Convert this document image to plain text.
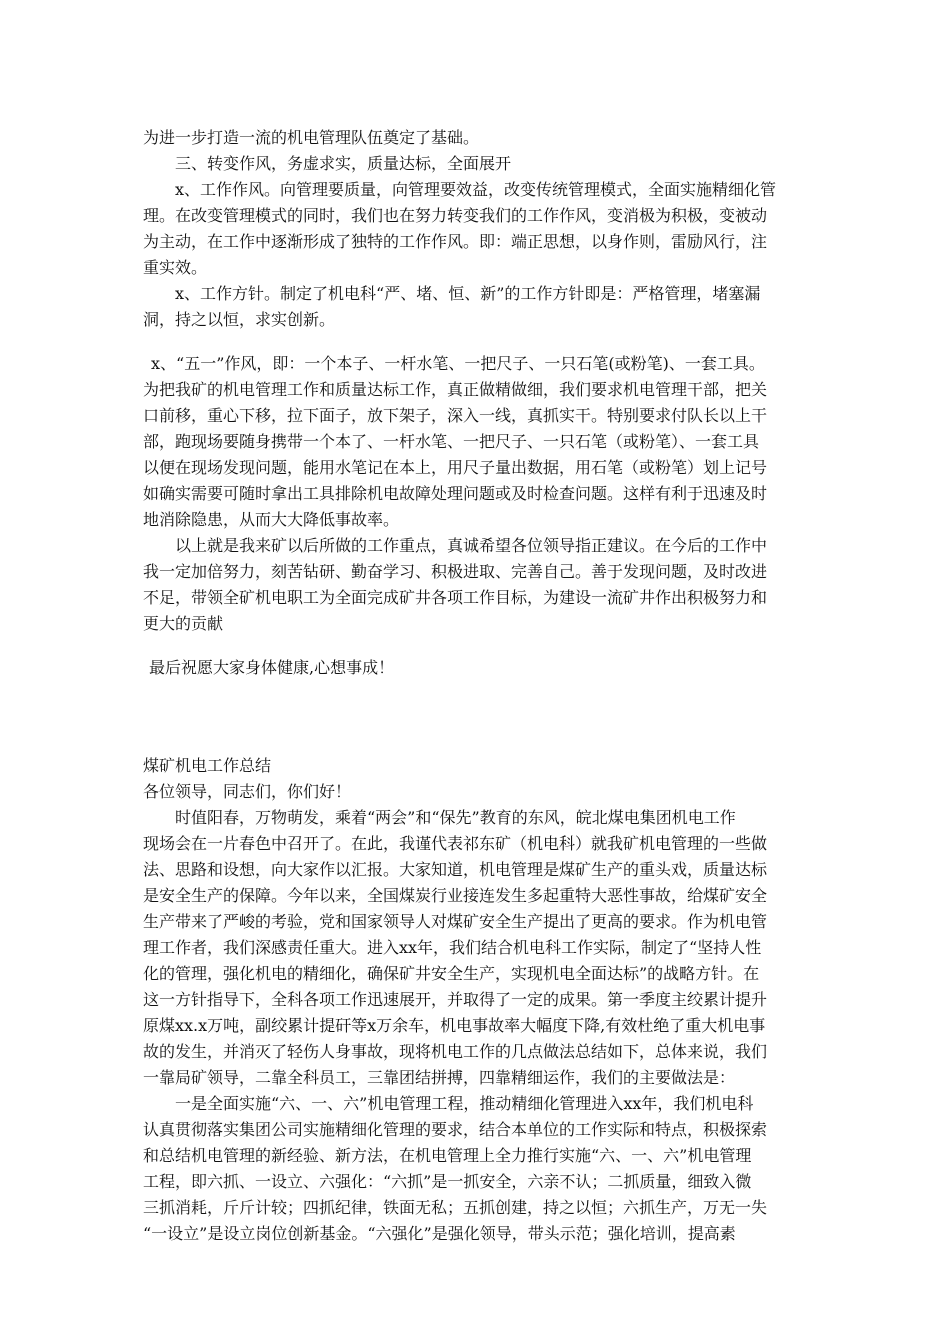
为进一步打造一流的机电管理队伍奠定了基础。
三、转变作风，务虚求实，质量达标，全面展开
x、工作作风。向管理要质量，向管理要效益，改变传统管理模式，全面实施精细化管
理。在改变管理模式的同时，我们也在努力转变我们的工作作风，变消极为积极，变被动
为主动，在工作中逐渐形成了独特的工作作风。即：端正思想，以身作则，雷励风行，注
重实效。
x、工作方针。制定了机电科“严、堵、恒、新”的工作方针即是：严格管理，堵塞漏
洞，持之以恒，求实创新。
x、“五一”作风，即：一个本子、一杆水笔、一把尺子、一只石笔(或粉笔)、一套工具。
为把我矿的机电管理工作和质量达标工作，真正做精做细，我们要求机电管理干部，把关
口前移，重心下移，拉下面子，放下架子，深入一线，真抓实干。特别要求付队长以上干
部，跑现场要随身携带一个本了、一杆水笔、一把尺子、一只石笔（或粉笔）、一套工具
以便在现场发现问题，能用水笔记在本上，用尺子量出数据，用石笔（或粉笔）划上记号
如确实需要可随时拿出工具排除机电故障处理问题或及时检查问题。这样有利于迅速及时
地消除隐患，从而大大降低事故率。
以上就是我来矿以后所做的工作重点，真诚希望各位领导指正建议。在今后的工作中
我一定加倍努力，刻苦钻研、勤奋学习、积极进取、完善自己。善于发现问题，及时改进
不足，带领全矿机电职工为全面完成矿井各项工作目标，为建设一流矿井作出积极努力和
更大的贡献
最后祝愿大家身体健康,心想事成！
煤矿机电工作总结
各位领导，同志们，你们好！
时值阳春，万物萌发，乘着“两会”和“保先”教育的东风，皖北煤电集团机电工作
现场会在一片春色中召开了。在此，我谨代表祁东矿（机电科）就我矿机电管理的一些做
法、思路和设想，向大家作以汇报。大家知道，机电管理是煤矿生产的重头戏，质量达标
是安全生产的保障。今年以来，全国煤炭行业接连发生多起重特大恶性事故，给煤矿安全
生产带来了严峻的考验，党和国家领导人对煤矿安全生产提出了更高的要求。作为机电管
理工作者，我们深感责任重大。进入xx年，我们结合机电科工作实际，制定了“坚持人性
化的管理，强化机电的精细化，确保矿井安全生产，实现机电全面达标”的战略方针。在
这一方针指导下，全科各项工作迅速展开，并取得了一定的成果。第一季度主绞累计提升
原煤xx.x万吨，副绞累计提矸等x万余车，机电事故率大幅度下降,有效杜绝了重大机电事
故的发生，并消灭了轻伤人身事故，现将机电工作的几点做法总结如下，总体来说，我们
一靠局矿领导，二靠全科员工，三靠团结拼搏，四靠精细运作，我们的主要做法是：
一是全面实施“六、一、六”机电管理工程，推动精细化管理进入xx年，我们机电科
认真贯彻落实集团公司实施精细化管理的要求，结合本单位的工作实际和特点，积极探索
和总结机电管理的新经验、新方法，在机电管理上全力推行实施“六、一、六”机电管理
工程，即六抓、一设立、六强化：“六抓”是一抓安全，六亲不认；二抓质量，细致入微
三抓消耗，斤斤计较；四抓纪律，铁面无私；五抓创建，持之以恒；六抓生产，万无一失
“一设立”是设立岗位创新基金。“六强化”是强化领导，带头示范；强化培训，提高素
